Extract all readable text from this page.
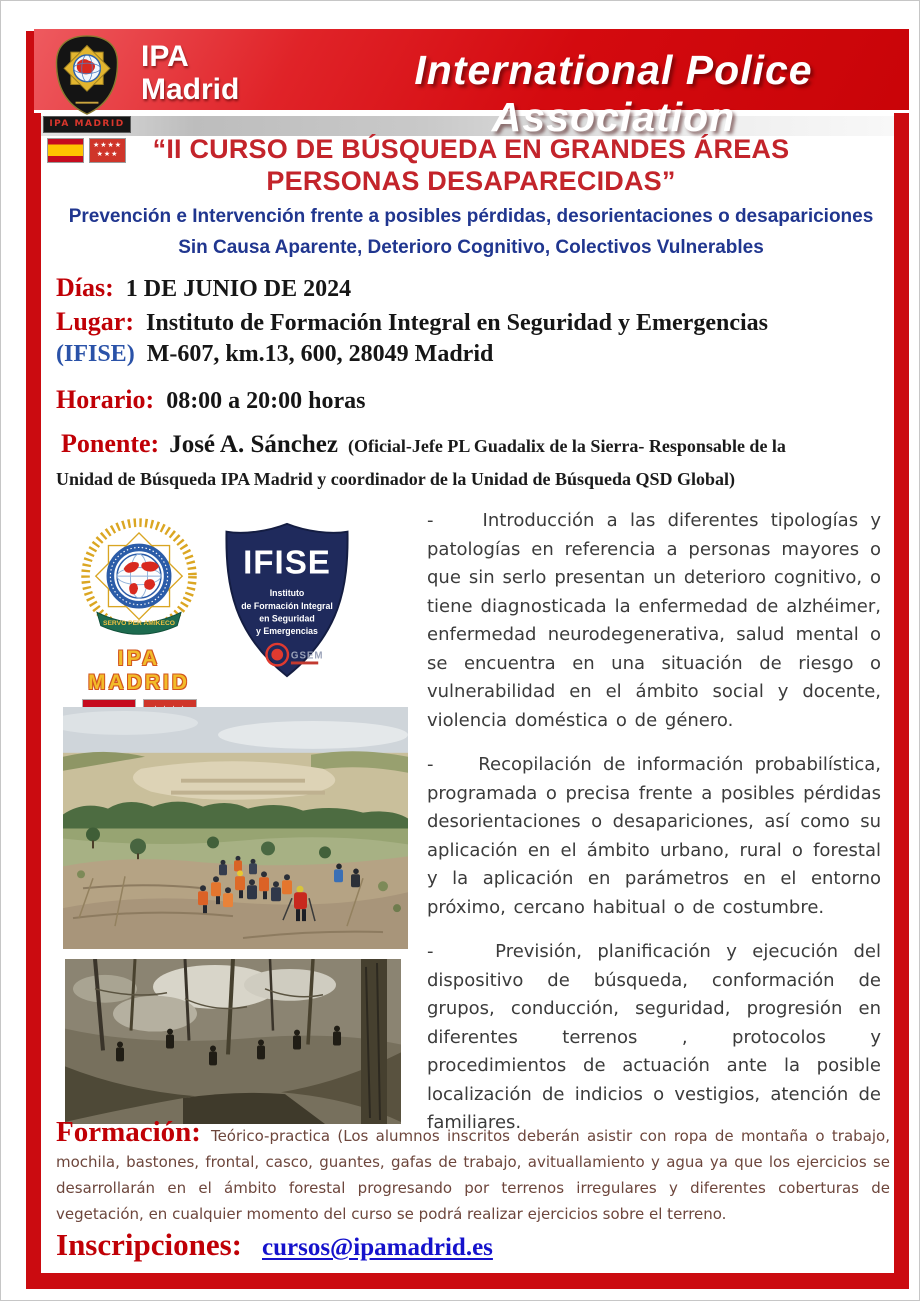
IPA MADRID
★★★★
★★★
IPA
Madrid	International Police Association
“II CURSO DE BÚSQUEDA EN GRANDES ÁREAS
PERSONAS DESAPARECIDAS”
Prevención e Intervención frente a posibles pérdidas, desorientaciones o desapariciones
Sin Causa Aparente, Deterioro Cognitivo, Colectivos Vulnerables
Días: 1 DE JUNIO DE 2024
Lugar: Instituto de Formación Integral en Seguridad y Emergencias
(IFISE) M-607, km.13, 600, 28049 Madrid
Horario: 08:00 a 20:00 horas
Ponente: José A. Sánchez (Oficial-Jefe PL Guadalix de la Sierra- Responsable de la
Unidad de Búsqueda IPA Madrid y coordinador de la Unidad de Búsqueda QSD Global)
SERVO PER AMIKECO
IPA MADRID
IFISE
Instituto
de Formación Integral
en Seguridad
y Emergencias
GSEM

-    Introducción a las diferentes tipologías y patologías en referencia a personas mayores o que sin serlo presentan un deterioro cognitivo, o tiene diagnosticada la enfermedad de alzhéimer, enfermedad neurodegenerativa, salud mental o se encuentra en una situación de riesgo o vulnerabilidad en el ámbito social y docente, violencia doméstica o de género.

-    Recopilación de información probabilística, programada o precisa frente a posibles pérdidas desorientaciones o desapariciones, así como su aplicación en el ámbito urbano, rural o forestal y la aplicación en parámetros en el entorno próximo, cercano habitual o de costumbre.

-    Previsión, planificación y ejecución del dispositivo de búsqueda, conformación de grupos, conducción, seguridad, progresión en diferentes terrenos , protocolos y procedimientos de actuación ante la posible localización de indicios o vestigios, atención de familiares.

Formación: Teórico-practica (Los alumnos inscritos deberán asistir con ropa de montaña o trabajo, mochila, bastones, frontal, casco, guantes, gafas de trabajo, avituallamiento y agua ya que los ejercicios se desarrollarán en el ámbito forestal progresando por terrenos irregulares y diferentes coberturas de vegetación, en cualquier momento del curso se podrá realizar ejercicios sobre el terreno.

Inscripciones: cursos@ipamadrid.es
